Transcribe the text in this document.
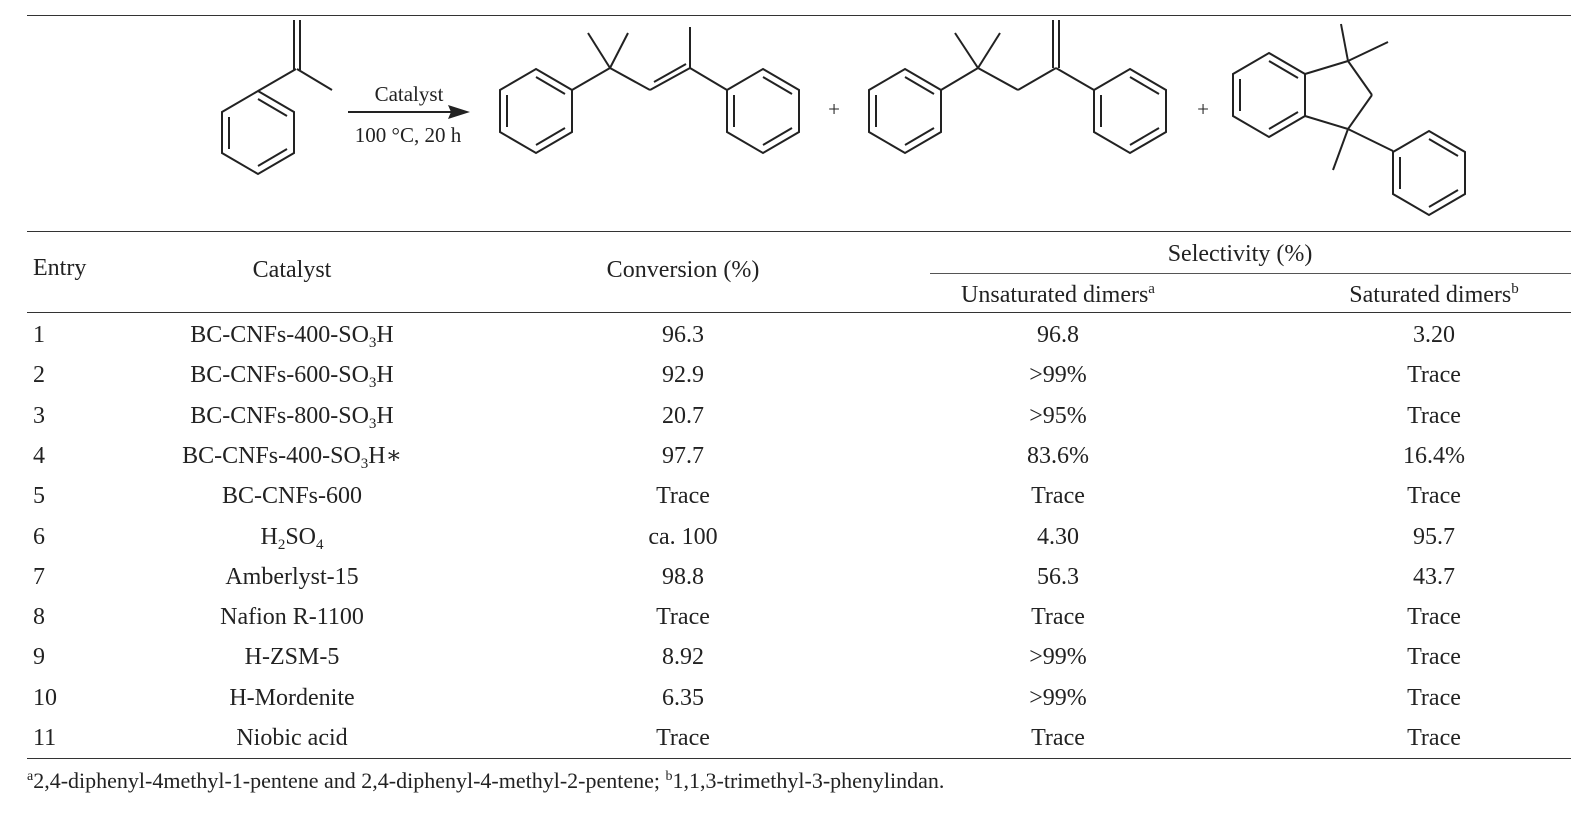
Catalyst
100 °C, 20 h
+	+
Entry	Catalyst	Conversion (%)
Selectivity (%)
Unsaturated dimers$^a$	Saturated dimers$^b$
1	$BC-CNFs-400-SO_3H$	96.3	96.8	3.20
2	$BC-CNFs-600-SO_3H$	92.9	>99%	Trace
3	$BC-CNFs-800-SO_3H$	20.7	>95%	Trace
4	$BC-CNFs-400-SO_3H∗$	97.7	83.6%	16.4%
5	BC-CNFs-600	Trace	Trace	Trace
6	$H_2SO_4$	ca. 100	4.30	95.7
7	Amberlyst-15	98.8	56.3	43.7
8	Nafion R-1100	Trace	Trace	Trace
9	H-ZSM-5	8.92	>99%	Trace
10	H-Mordenite	6.35	>99%	Trace
11	Niobic acid	Trace	Trace	Trace
$^a$2,4-diphenyl-4methyl-1-pentene and 2,4-diphenyl-4-methyl-2-pentene; $^b$1,1,3-trimethyl-3-phenylindan.
